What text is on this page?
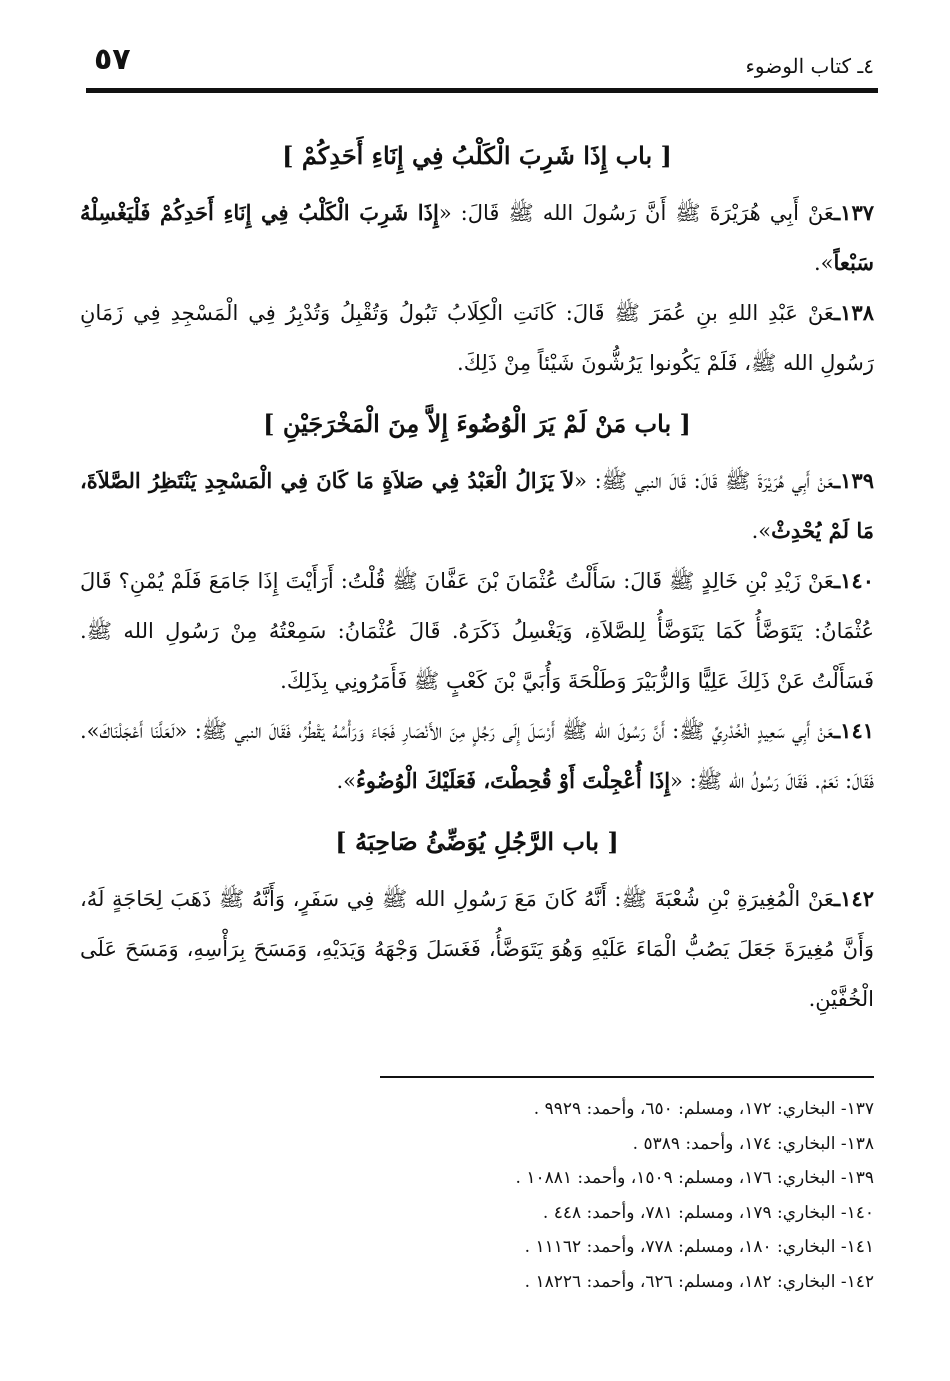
٥٧	٤ـ كتاب الوضوء
[ باب إِذَا شَرِبَ الْكَلْبُ فِي إِنَاءِ أَحَدِكُمْ ]

١٣٧ـعَنْ أَبِي هُرَيْرَةَ ﷺ أَنَّ رَسُولَ الله ﷺ قَالَ: «إِذَا شَرِبَ الْكَلْبُ فِي إِنَاءِ أَحَدِكُمْ فَلْيَغْسِلْهُ سَبْعاً».

١٣٨ـعَنْ عَبْدِ اللهِ بنِ عُمَرَ ﷺ قَالَ: كَانَتِ الْكِلَابُ تَبُولُ وَتُقْبِلُ وَتُدْبِرُ فِي الْمَسْجِدِ فِي زَمَانِ رَسُولِ الله ﷺ، فَلَمْ يَكُونوا يَرُشُّونَ شَيْئاً مِنْ ذَلِكَ.

[ باب مَنْ لَمْ يَرَ الْوُضُوءَ إِلاَّ مِنَ الْمَخْرَجَيْنِ ]

١٣٩ـعَنْ أَبِي هُرَيْرَةَ ﷺ قَالَ: قَالَ النبي ﷺ: «لاَ يَزَالُ الْعَبْدُ فِي صَلاَةٍ مَا كَانَ فِي الْمَسْجِدِ يَنْتَظِرُ الصَّلاَةَ، مَا لَمْ يُحْدِثْ».

١٤٠ـعَنْ زَيْدِ بْنِ خَالِدٍ ﷺ قَالَ: سَأَلْتُ عُثْمَانَ بْنَ عَفَّانَ ﷺ قُلْتُ: أَرَأَيْتَ إِذَا جَامَعَ فَلَمْ يُمْنِ؟ قَالَ عُثْمَانُ: يَتَوَضَّأُ كَمَا يَتَوَضَّأُ لِلصَّلاَةِ، وَيَغْسِلُ ذَكَرَهُ. قَالَ عُثْمَانُ: سَمِعْتُهُ مِنْ رَسُولِ الله ﷺ. فَسَأَلْتُ عَنْ ذَلِكَ عَلِيًّا وَالزُّبَيْرَ وَطَلْحَةَ وَأُبَيَّ بْنَ كَعْبٍ ﷺ فَأَمَرُونِي بِذَلِكَ.

١٤١ـعَنْ أَبِي سَعِيدٍ الْخُدْرِيِّ ﷺ: أَنَّ رَسُولَ الله ﷺ أَرْسَلَ إِلَى رَجُلٍ مِنَ الأَنْصَارِ فَجَاءَ وَرَأْسُهُ يَقْطُرُ، فَقَالَ النبي ﷺ: «لَعَلَّنَا أَعْجَلْنَاكَ». فَقَالَ: نَعَمْ. فَقَالَ رَسُولُ الله ﷺ: «إِذَا أُعْجِلْتَ أَوْ قُحِطْتَ، فَعَلَيْكَ الْوُضُوءُ».

[ باب الرَّجُلِ يُوَضِّئُ صَاحِبَهُ ]

١٤٢ـعَنْ الْمُغِيرَةِ بْنِ شُعْبَةَ ﷺ: أَنَّهُ كَانَ مَعَ رَسُولِ الله ﷺ فِي سَفَرٍ، وَأَنَّهُ ﷺ ذَهَبَ لِحَاجَةٍ لَهُ، وَأَنَّ مُغِيرَةَ جَعَلَ يَصُبُّ الْمَاءَ عَلَيْهِ وَهُوَ يَتَوَضَّأُ، فَغَسَلَ وَجْهَهُ وَيَدَيْهِ، وَمَسَحَ بِرَأْسِهِ، وَمَسَحَ عَلَى الْخُفَّيْنِ.

١٣٧- البخاري: ١٧٢، ومسلم: ٦٥٠، وأحمد: ٩٩٢٩ .

١٣٨- البخاري: ١٧٤، وأحمد: ٥٣٨٩ .

١٣٩- البخاري: ١٧٦، ومسلم: ١٥٠٩، وأحمد: ١٠٨٨١ .

١٤٠- البخاري: ١٧٩، ومسلم: ٧٨١، وأحمد: ٤٤٨ .

١٤١- البخاري: ١٨٠، ومسلم: ٧٧٨، وأحمد: ١١١٦٢ .

١٤٢- البخاري: ١٨٢، ومسلم: ٦٢٦، وأحمد: ١٨٢٢٦ .
